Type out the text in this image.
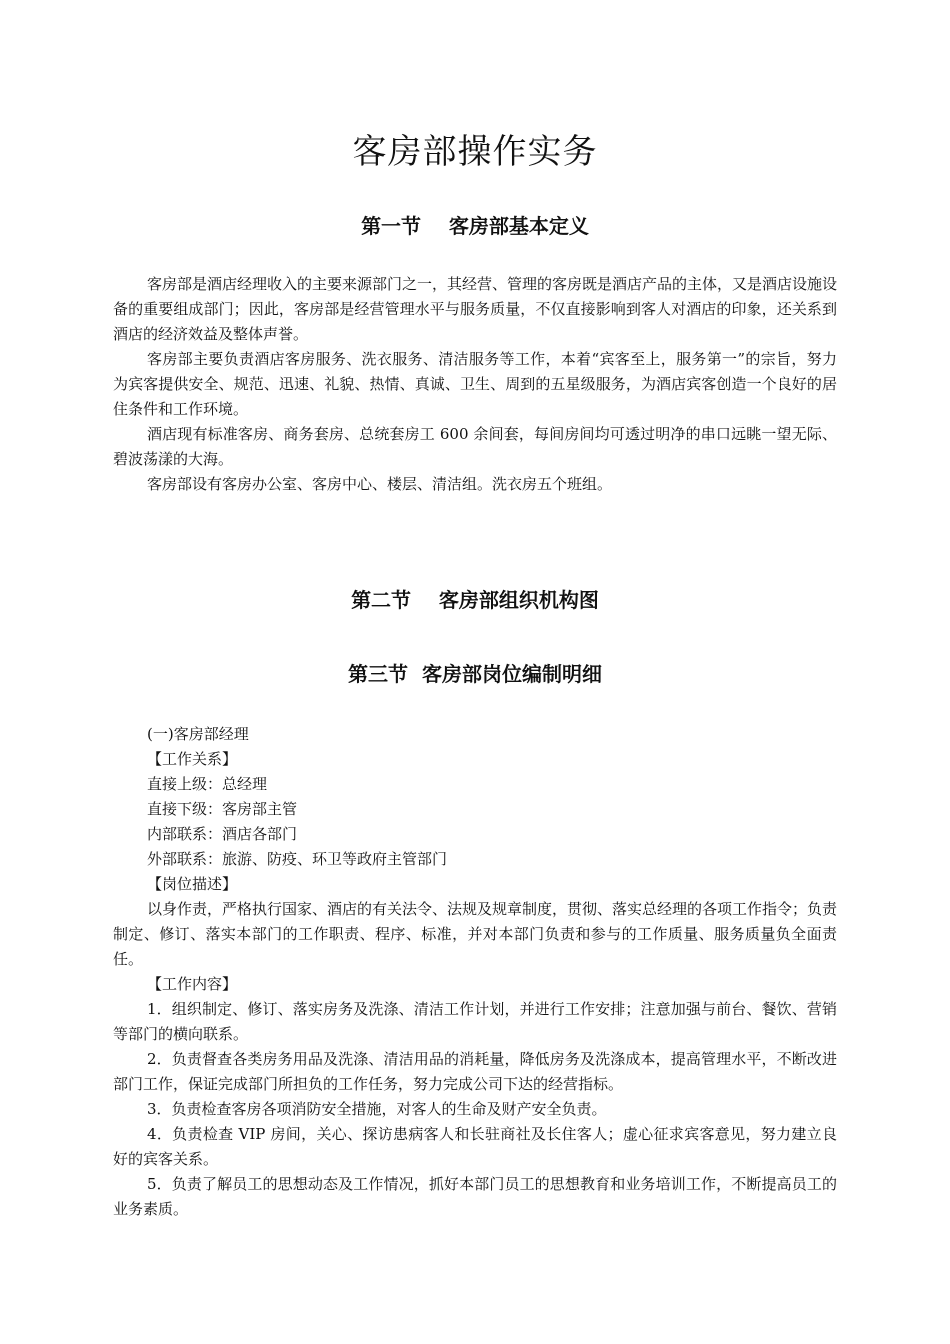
客房部操作实务
第一节    客房部基本定义

客房部是酒店经理收入的主要来源部门之一，其经营、管理的客房既是酒店产品的主体，又是酒店设施设备的重要组成部门；因此，客房部是经营管理水平与服务质量，不仅直接影响到客人对酒店的印象，还关系到酒店的经济效益及整体声誉。

客房部主要负责酒店客房服务、洗衣服务、清洁服务等工作，本着“宾客至上，服务第一”的宗旨，努力为宾客提供安全、规范、迅速、礼貌、热情、真诚、卫生、周到的五星级服务，为酒店宾客创造一个良好的居住条件和工作环境。

酒店现有标准客房、商务套房、总统套房工 600 余间套，每间房间均可透过明净的串口远眺一望无际、碧波荡漾的大海。

客房部设有客房办公室、客房中心、楼层、清洁组。洗衣房五个班组。

第二节    客房部组织机构图
第三节  客房部岗位编制明细

(一)客房部经理

【工作关系】

直接上级：总经理

直接下级：客房部主管

内部联系：酒店各部门

外部联系：旅游、防疫、环卫等政府主管部门

【岗位描述】

以身作责，严格执行国家、酒店的有关法令、法规及规章制度，贯彻、落实总经理的各项工作指令；负责制定、修订、落实本部门的工作职责、程序、标准，并对本部门负责和参与的工作质量、服务质量负全面责任。

【工作内容】

1．组织制定、修订、落实房务及洗涤、清洁工作计划，并进行工作安排；注意加强与前台、餐饮、营销等部门的横向联系。

2．负责督查各类房务用品及洗涤、清洁用品的消耗量，降低房务及洗涤成本，提高管理水平，不断改进部门工作，保证完成部门所担负的工作任务，努力完成公司下达的经营指标。

3．负责检查客房各项消防安全措施，对客人的生命及财产安全负责。

4．负责检查 VIP 房间，关心、探访患病客人和长驻商社及长住客人；虚心征求宾客意见，努力建立良好的宾客关系。

5．负责了解员工的思想动态及工作情况，抓好本部门员工的思想教育和业务培训工作，不断提高员工的业务素质。
